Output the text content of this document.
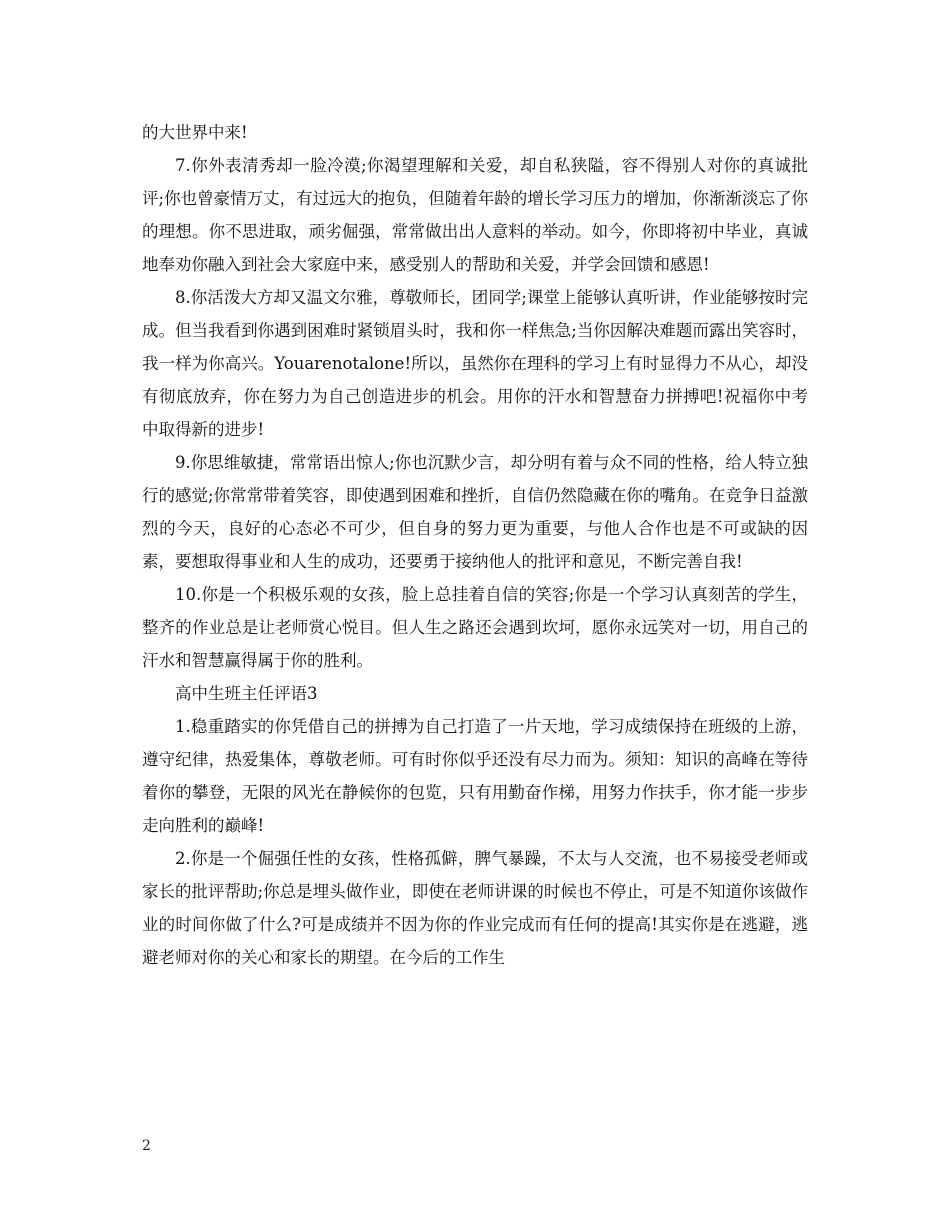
的大世界中来!

7.你外表清秀却一脸冷漠;你渴望理解和关爱，却自私狭隘，容不得别人对你的真诚批评;你也曾豪情万丈，有过远大的抱负，但随着年龄的增长学习压力的增加，你渐渐淡忘了你的理想。你不思进取，顽劣倔强，常常做出出人意料的举动。如今，你即将初中毕业，真诚地奉劝你融入到社会大家庭中来，感受别人的帮助和关爱，并学会回馈和感恩!

8.你活泼大方却又温文尔雅，尊敬师长，团同学;课堂上能够认真听讲，作业能够按时完成。但当我看到你遇到困难时紧锁眉头时，我和你一样焦急;当你因解决难题而露出笑容时，我一样为你高兴。Youarenotalone!所以，虽然你在理科的学习上有时显得力不从心，却没有彻底放弃，你在努力为自己创造进步的机会。用你的汗水和智慧奋力拼搏吧!祝福你中考中取得新的进步!

9.你思维敏捷，常常语出惊人;你也沉默少言，却分明有着与众不同的性格，给人特立独行的感觉;你常常带着笑容，即使遇到困难和挫折，自信仍然隐藏在你的嘴角。在竞争日益激烈的今天，良好的心态必不可少，但自身的努力更为重要，与他人合作也是不可或缺的因素，要想取得事业和人生的成功，还要勇于接纳他人的批评和意见，不断完善自我!

10.你是一个积极乐观的女孩，脸上总挂着自信的笑容;你是一个学习认真刻苦的学生，整齐的作业总是让老师赏心悦目。但人生之路还会遇到坎坷，愿你永远笑对一切，用自己的汗水和智慧赢得属于你的胜利。

高中生班主任评语3

1.稳重踏实的你凭借自己的拼搏为自己打造了一片天地，学习成绩保持在班级的上游，遵守纪律，热爱集体，尊敬老师。可有时你似乎还没有尽力而为。须知：知识的高峰在等待着你的攀登，无限的风光在静候你的包览，只有用勤奋作梯，用努力作扶手，你才能一步步走向胜利的巅峰!

2.你是一个倔强任性的女孩，性格孤僻，脾气暴躁，不太与人交流，也不易接受老师或家长的批评帮助;你总是埋头做作业，即使在老师讲课的时候也不停止，可是不知道你该做作业的时间你做了什么?可是成绩并不因为你的作业完成而有任何的提高!其实你是在逃避，逃避老师对你的关心和家长的期望。在今后的工作生

2
